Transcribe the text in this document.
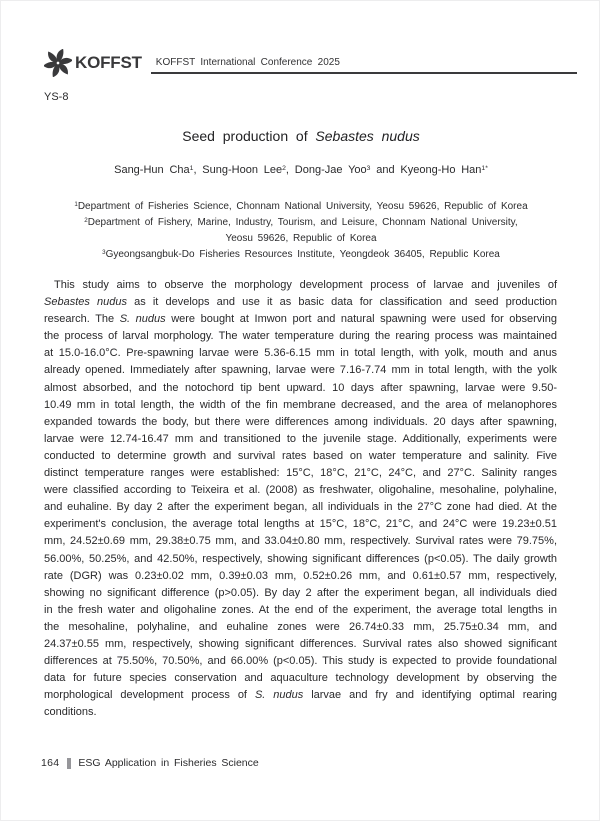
KOFFST	KOFFST International Conference 2025
YS-8
Seed production of Sebastes nudus
Sang-Hun Cha$^1$, Sung-Hoon Lee$^2$, Dong-Jae Yoo$^3$ and Kyeong-Ho Han$^{1*}$
$^1$Department of Fisheries Science, Chonnam National University, Yeosu 59626, Republic of Korea
$^2$Department of Fishery, Marine, Industry, Tourism, and Leisure, Chonnam National University,
Yeosu 59626, Republic of Korea
$^3$Gyeongsangbuk-Do Fisheries Resources Institute, Yeongdeok 36405, Republic Korea
This study aims to observe the morphology development process of larvae and juveniles of Sebastes nudus as it develops and use it as basic data for classification and seed production research. The S. nudus were bought at Imwon port and natural spawning were used for observing the process of larval morphology. The water temperature during the rearing process was maintained at 15.0-16.0°C. Pre-spawning larvae were 5.36-6.15 mm in total length, with yolk, mouth and anus already opened. Immediately after spawning, larvae were 7.16-7.74 mm in total length, with the yolk almost absorbed, and the notochord tip bent upward. 10 days after spawning, larvae were 9.50-10.49 mm in total length, the width of the fin membrane decreased, and the area of melanophores expanded towards the body, but there were differences among individuals. 20 days after spawning, larvae were 12.74-16.47 mm and transitioned to the juvenile stage. Additionally, experiments were conducted to determine growth and survival rates based on water temperature and salinity. Five distinct temperature ranges were established: 15°C, 18°C, 21°C, 24°C, and 27°C. Salinity ranges were classified according to Teixeira et al. (2008) as freshwater, oligohaline, mesohaline, polyhaline, and euhaline. By day 2 after the experiment began, all individuals in the 27°C zone had died. At the experiment's conclusion, the average total lengths at 15°C, 18°C, 21°C, and 24°C were 19.23±0.51 mm, 24.52±0.69 mm, 29.38±0.75 mm, and 33.04±0.80 mm, respectively. Survival rates were 79.75%, 56.00%, 50.25%, and 42.50%, respectively, showing significant differences (p<0.05). The daily growth rate (DGR) was 0.23±0.02 mm, 0.39±0.03 mm, 0.52±0.26 mm, and 0.61±0.57 mm, respectively, showing no significant difference (p>0.05). By day 2 after the experiment began, all individuals died in the fresh water and oligohaline zones. At the end of the experiment, the average total lengths in the mesohaline, polyhaline, and euhaline zones were 26.74±0.33 mm, 25.75±0.34 mm, and 24.37±0.55 mm, respectively, showing significant differences. Survival rates also showed significant differences at 75.50%, 70.50%, and 66.00% (p<0.05). This study is expected to provide foundational data for future species conservation and aquaculture technology development by observing the morphological development process of S. nudus larvae and fry and identifying optimal rearing conditions.
164 ESG Application in Fisheries Science
